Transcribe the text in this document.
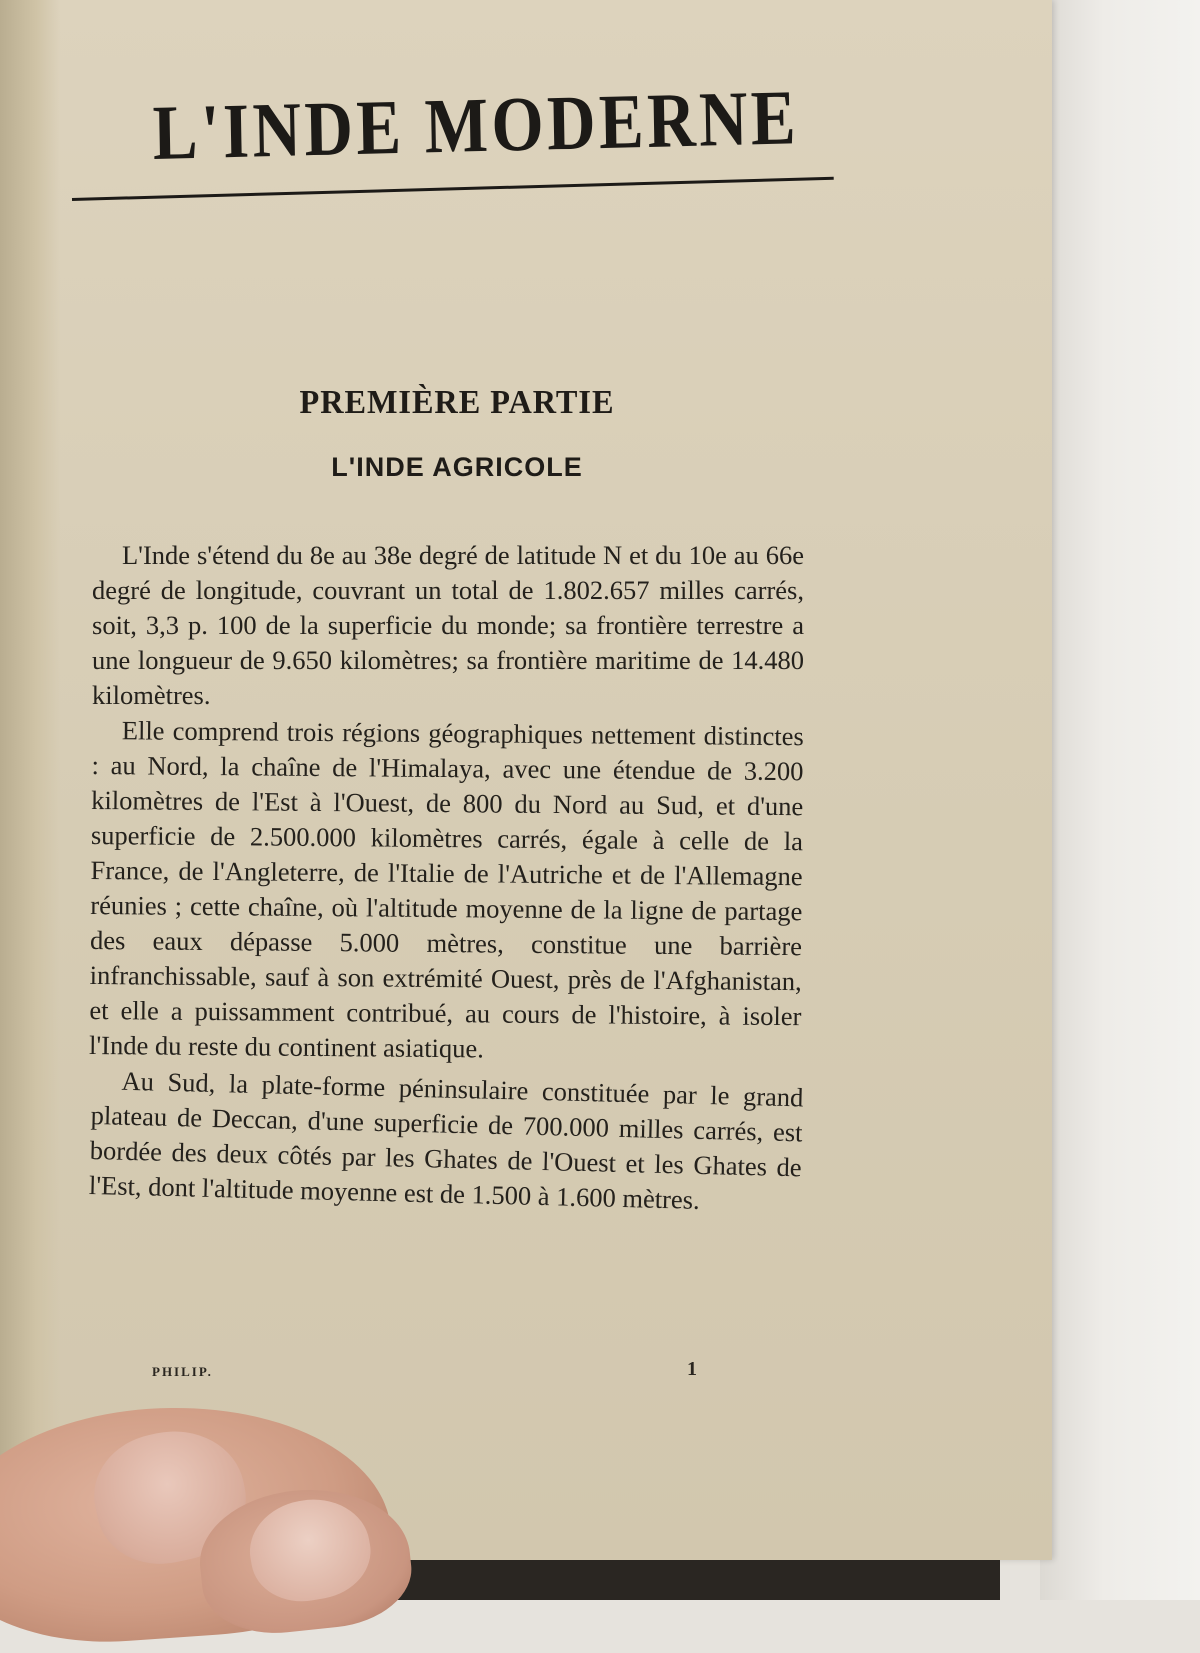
L'INDE MODERNE
PREMIÈRE PARTIE
L'INDE AGRICOLE

L'Inde s'étend du 8e au 38e degré de latitude N et du 10e au 66e degré de longitude, couvrant un total de 1.802.657 milles carrés, soit, 3,3 p. 100 de la superficie du monde; sa frontière terrestre a une longueur de 9.650 kilomètres; sa frontière maritime de 14.480 kilomètres.

Elle comprend trois régions géographiques nettement distinctes : au Nord, la chaîne de l'Himalaya, avec une étendue de 3.200 kilomètres de l'Est à l'Ouest, de 800 du Nord au Sud, et d'une superficie de 2.500.000 kilomètres carrés, égale à celle de la France, de l'Angleterre, de l'Italie de l'Autriche et de l'Allemagne réunies ; cette chaîne, où l'altitude moyenne de la ligne de partage des eaux dépasse 5.000 mètres, constitue une barrière infranchissable, sauf à son extrémité Ouest, près de l'Afghanistan, et elle a puissamment contribué, au cours de l'histoire, à isoler l'Inde du reste du continent asiatique.

Au Sud, la plate-forme péninsulaire constituée par le grand plateau de Deccan, d'une superficie de 700.000 milles carrés, est bordée des deux côtés par les Ghates de l'Ouest et les Ghates de l'Est, dont l'altitude moyenne est de 1.500 à 1.600 mètres.

PHILIP.	1
